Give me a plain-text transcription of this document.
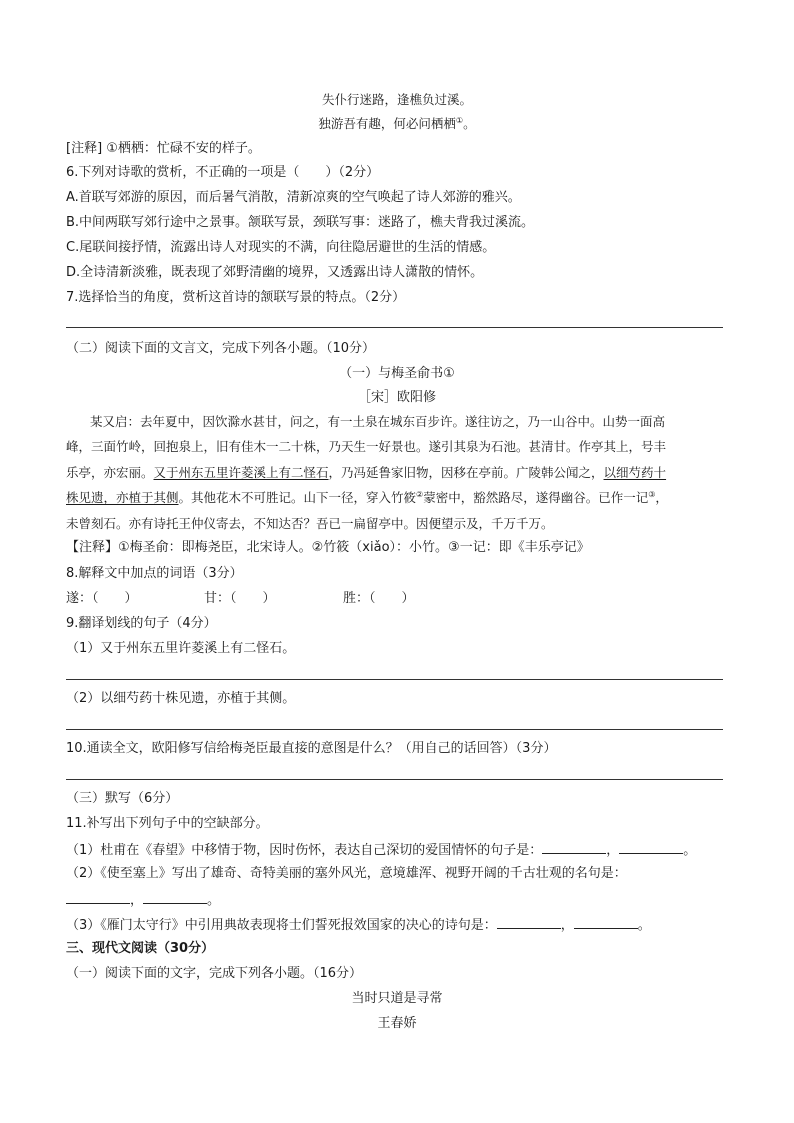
失仆行迷路，逢樵负过溪。
独游吾有趣，何必问栖栖①。
[注释] ①栖栖：忙碌不安的样子。
6.下列对诗歌的赏析，不正确的一项是（　　）（2分）
A.首联写郊游的原因，而后暑气消散，清新凉爽的空气唤起了诗人郊游的雅兴。
B.中间两联写郊行途中之景事。颔联写景，颈联写事：迷路了，樵夫背我过溪流。
C.尾联间接抒情，流露出诗人对现实的不满，向往隐居避世的生活的情感。
D.全诗清新淡雅，既表现了郊野清幽的境界，又透露出诗人潇散的情怀。
7.选择恰当的角度，赏析这首诗的颔联写景的特点。（2分）
（二）阅读下面的文言文，完成下列各小题。（10分）
（一）与梅圣俞书①
［宋］欧阳修
某又启：去年夏中，因饮滁水甚甘，问之，有一土泉在城东百步许。遂往访之，乃一山谷中。山势一面高
峰，三面竹岭，回抱泉上，旧有佳木一二十株，乃天生一好景也。遂引其泉为石池。甚清甘。作亭其上，号丰
乐亭，亦宏丽。又于州东五里许菱溪上有二怪石，乃冯延鲁家旧物，因移在亭前。广陵韩公闻之，以细芍药十
株见遗，亦植于其侧。其他花木不可胜记。山下一径，穿入竹筱②蒙密中，豁然路尽，遂得幽谷。已作一记③，
未曾刻石。亦有诗托王仲仪寄去，不知达否？吾已一扁留亭中。因便望示及，千万千万。
【注释】①梅圣俞：即梅尧臣，北宋诗人。②竹筱（xiǎo）：小竹。③一记：即《丰乐亭记》
8.解释文中加点的词语（3分）
遂：（　　）	甘：（　　）	胜：（　　）
9.翻译划线的句子（4分）
（1）又于州东五里许菱溪上有二怪石。
（2）以细芍药十株见遗，亦植于其侧。
10.通读全文，欧阳修写信给梅尧臣最直接的意图是什么？（用自己的话回答）（3分）
（三）默写（6分）
11.补写出下列句子中的空缺部分。
（1）杜甫在《春望》中移情于物，因时伤怀，表达自己深切的爱国情怀的句子是：	，	。
（2）《使至塞上》写出了雄奇、奇特美丽的塞外风光，意境雄浑、视野开阔的千古壮观的名句是：
，	。
（3）《雁门太守行》中引用典故表现将士们誓死报效国家的决心的诗句是：	，	。
三、现代文阅读（30分）
（一）阅读下面的文字，完成下列各小题。（16分）
当时只道是寻常
王春娇
